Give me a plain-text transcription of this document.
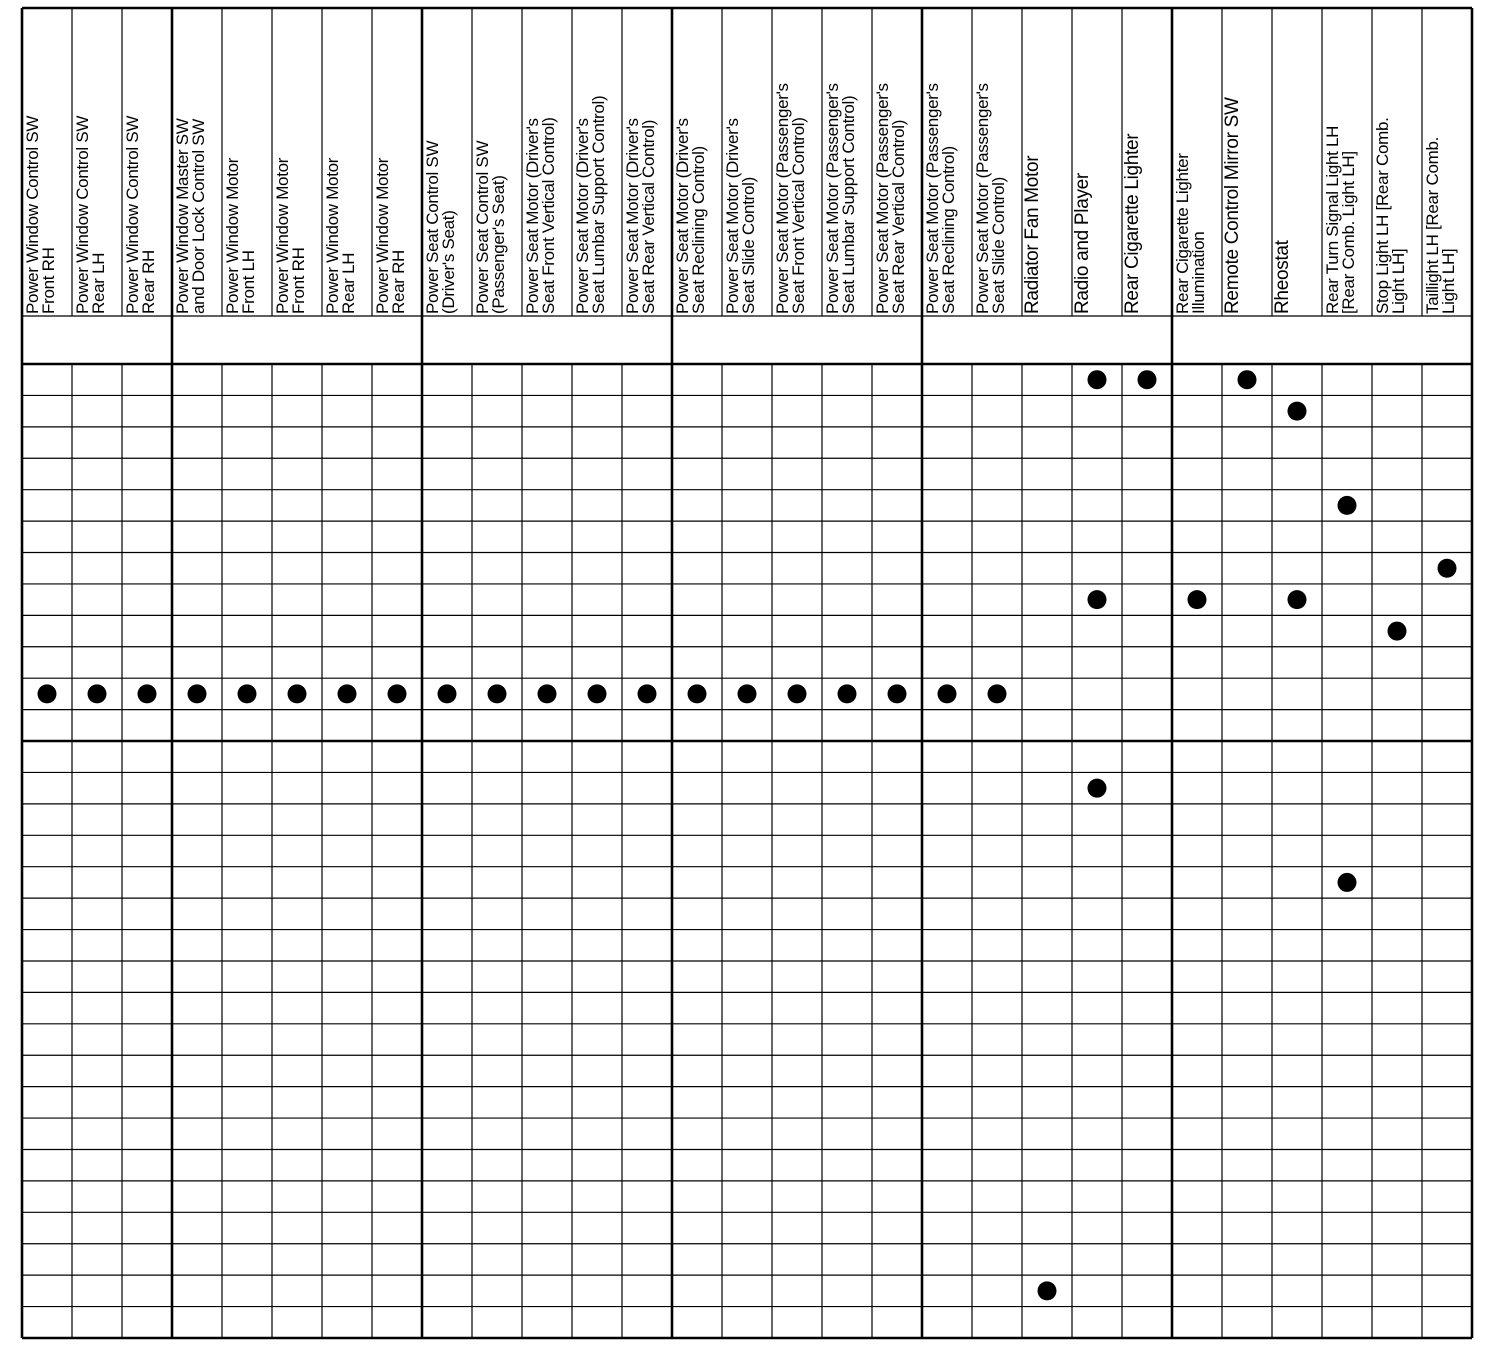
Power Window Control SW
Front RH
Power Window Control SW
Rear LH
Power Window Control SW
Rear RH
Power Window Master SW
and Door Lock Control SW
Power Window Motor
Front LH
Power Window Motor
Front RH
Power Window Motor
Rear LH
Power Window Motor
Rear RH
Power Seat Control SW
(Driver's Seat)
Power Seat Control SW
(Passenger's Seat)
Power Seat Motor (Driver's
Seat Front Vertical Control)
Power Seat Motor (Driver's
Seat Lumbar Support Control)
Power Seat Motor (Driver's
Seat Rear Vertical Control)
Power Seat Motor (Driver's
Seat Reclining Control)
Power Seat Motor (Driver's
Seat Slide Control)
Power Seat Motor (Passenger's
Seat Front Vertical Control)
Power Seat Motor (Passenger's
Seat Lumbar Support Control)
Power Seat Motor (Passenger's
Seat Rear Vertical Control)
Power Seat Motor (Passenger's
Seat Reclining Control)
Power Seat Motor (Passenger's
Seat Slide Control) Radiator Fan Motor Radio and Player Rear Cigarette Lighter Rear Cigarette Lighter
Illumination Remote Control Mirror SW Rheostat Rear Turn Signal Light LH
[Rear Comb. Light LH]
Stop Light LH [Rear Comb.
Light LH] Taillight LH [Rear Comb.
Light LH]
